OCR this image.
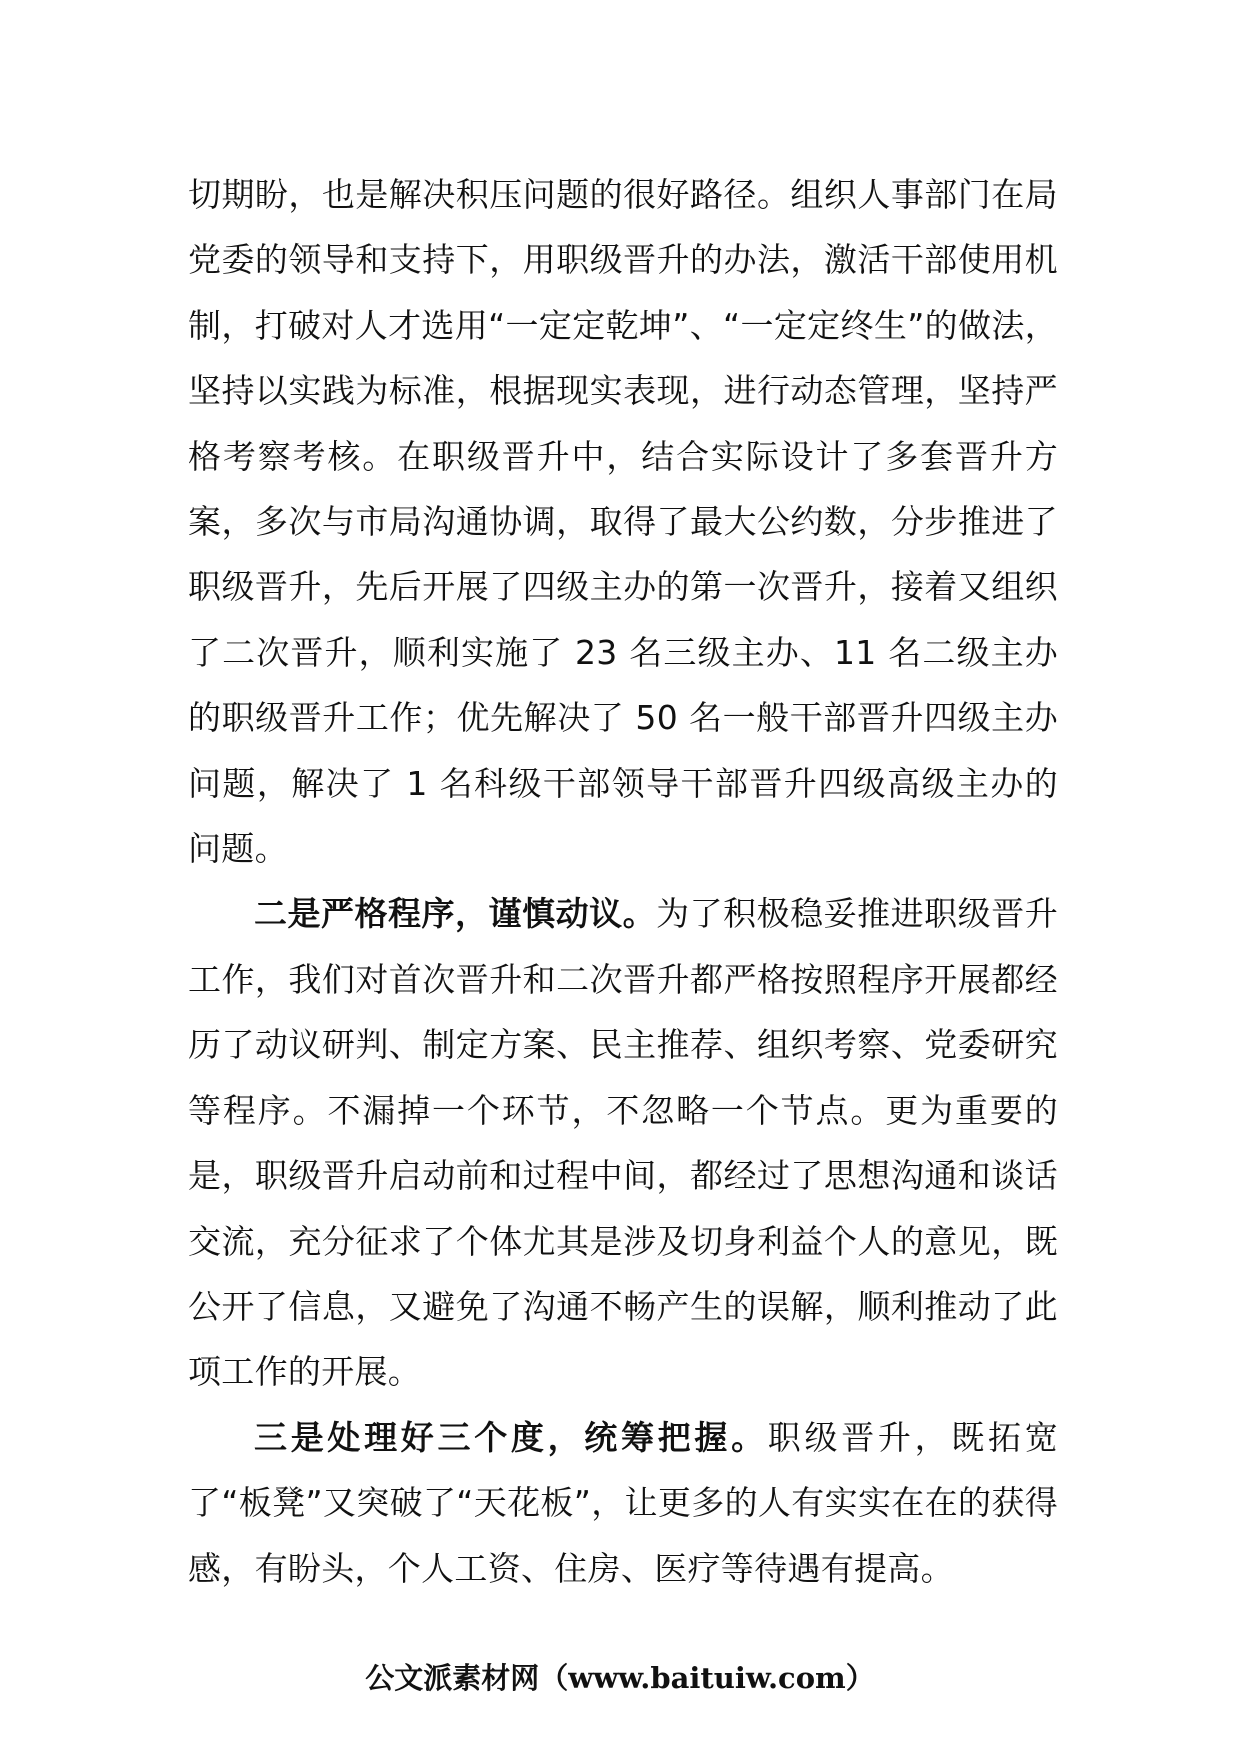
切期盼，也是解决积压问题的很好路径。组织人事部门在局党委的领导和支持下，用职级晋升的办法，激活干部使用机制，打破对人才选用“一定定乾坤”、“一定定终生”的做法，坚持以实践为标准，根据现实表现，进行动态管理，坚持严格考察考核。在职级晋升中，结合实际设计了多套晋升方案，多次与市局沟通协调，取得了最大公约数，分步推进了职级晋升，先后开展了四级主办的第一次晋升，接着又组织了二次晋升，顺利实施了 23 名三级主办、11 名二级主办的职级晋升工作；优先解决了 50 名一般干部晋升四级主办问题，解决了 1 名科级干部领导干部晋升四级高级主办的问题。

二是严格程序，谨慎动议。为了积极稳妥推进职级晋升工作，我们对首次晋升和二次晋升都严格按照程序开展都经历了动议研判、制定方案、民主推荐、组织考察、党委研究等程序。不漏掉一个环节，不忽略一个节点。更为重要的是，职级晋升启动前和过程中间，都经过了思想沟通和谈话交流，充分征求了个体尤其是涉及切身利益个人的意见，既公开了信息，又避免了沟通不畅产生的误解，顺利推动了此项工作的开展。

三是处理好三个度，统筹把握。职级晋升，既拓宽了“板凳”又突破了“天花板”，让更多的人有实实在在的获得感，有盼头，个人工资、住房、医疗等待遇有提高。

公文派素材网（www.baituiw.com）
